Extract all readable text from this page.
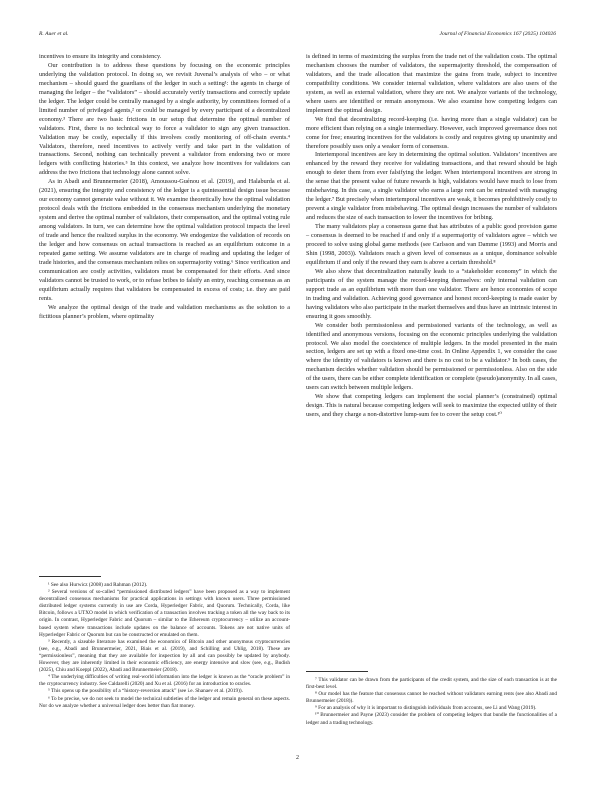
R. Auer et al.	Journal of Financial Economics 167 (2025) 104026

incentives to ensure its integrity and consistency.

Our contribution is to address these questions by focusing on the economic principles underlying the validation protocol. In doing so, we revisit Juvenal’s analysis of who – or what mechanism – should guard the guardians of the ledger in such a setting¹: the agents in charge of managing the ledger – the “validators” – should accurately verify transactions and correctly update the ledger. The ledger could be centrally managed by a single authority, by committees formed of a limited number of privileged agents,² or could be managed by every participant of a decentralized economy.³ There are two basic frictions in our setup that determine the optimal number of validators. First, there is no technical way to force a validator to sign any given transaction. Validation may be costly, especially if this involves costly monitoring of off-chain events.⁴ Validators, therefore, need incentives to actively verify and take part in the validation of transactions. Second, nothing can technically prevent a validator from endorsing two or more ledgers with conflicting histories.⁵ In this context, we analyze how incentives for validators can address the two frictions that technology alone cannot solve.

As in Abadi and Brunnermeier (2018), Amoussou-Guénou et al. (2019), and Halaburda et al. (2021), ensuring the integrity and consistency of the ledger is a quintessential design issue because our economy cannot generate value without it. We examine theoretically how the optimal validation protocol deals with the frictions embedded in the consensus mechanism underlying the monetary system and derive the optimal number of validators, their compensation, and the optimal voting rule among validators. In turn, we can determine how the optimal validation protocol impacts the level of trade and hence the realized surplus in the economy. We endogenize the validation of records on the ledger and how consensus on actual transactions is reached as an equilibrium outcome in a repeated game setting. We assume validators are in charge of reading and updating the ledger of trade histories, and the consensus mechanism relies on supermajority voting.⁶ Since verification and communication are costly activities, validators must be compensated for their efforts. And since validators cannot be trusted to work, or to refuse bribes to falsify an entry, reaching consensus as an equilibrium actually requires that validators be compensated in excess of costs; i.e. they are paid rents.

We analyze the optimal design of the trade and validation mechanisms as the solution to a fictitious planner’s problem, where optimality

¹ See also Hurwicz (2008) and Rahman (2012).

² Several versions of so-called “permissioned distributed ledgers” have been proposed as a way to implement decentralized consensus mechanisms for practical applications in settings with known users. Three permissioned distributed ledger systems currently in use are Corda, Hyperledger Fabric, and Quorum. Technically, Corda, like Bitcoin, follows a UTXO model in which verification of a transaction involves tracking a token all the way back to its origin. In contrast, Hyperledger Fabric and Quorum – similar to the Ethereum cryptocurrency – utilize an account-based system where transactions include updates on the balance of accounts. Tokens are not native units of Hyperledger Fabric or Quorum but can be constructed or emulated on them.

³ Recently, a sizeable literature has examined the economics of Bitcoin and other anonymous cryptocurrencies (see, e.g., Abadi and Brunnermeier, 2021, Biais et al. (2019), and Schilling and Uhlig, 2018). These are “permissionless”, meaning that they are available for inspection by all and can possibly be updated by anybody. However, they are inherently limited in their economic efficiency, are energy intensive and slow (see, e.g., Budish (2025), Chiu and Koeppl (2022), Abadi and Brunnermeier (2018).

⁴ The underlying difficulties of writing real-world information into the ledger is known as the “oracle problem” in the cryptocurrency industry. See Caldarelli (2020) and Xu et al. (2016) for an introduction to oracles.

⁵ This opens up the possibility of a “history-reversion attack” (see i.e. Shanaev et al. (2019)).

⁶ To be precise, we do not seek to model the technical subtleties of the ledger and remain general on these aspects. Nor do we analyze whether a universal ledger does better than fiat money.

is defined in terms of maximizing the surplus from the trade net of the validation costs. The optimal mechanism chooses the number of validators, the supermajority threshold, the compensation of validators, and the trade allocation that maximize the gains from trade, subject to incentive compatibility conditions. We consider internal validation, where validators are also users of the system, as well as external validation, where they are not. We analyze variants of the technology, where users are identified or remain anonymous. We also examine how competing ledgers can implement the optimal design.

We find that decentralizing record-keeping (i.e. having more than a single validator) can be more efficient than relying on a single intermediary. However, such improved governance does not come for free; ensuring incentives for the validators is costly and requires giving up unanimity and therefore possibly uses only a weaker form of consensus.

Intertemporal incentives are key in determining the optimal solution. Validators’ incentives are enhanced by the reward they receive for validating transactions, and that reward should be high enough to deter them from ever falsifying the ledger. When intertemporal incentives are strong in the sense that the present value of future rewards is high, validators would have much to lose from misbehaving. In this case, a single validator who earns a large rent can be entrusted with managing the ledger.⁷ But precisely when intertemporal incentives are weak, it becomes prohibitively costly to prevent a single validator from misbehaving. The optimal design increases the number of validators and reduces the size of each transaction to lower the incentives for bribing.

The many validators play a consensus game that has attributes of a public good provision game – consensus is deemed to be reached if and only if a supermajority of validators agree – which we proceed to solve using global game methods (see Carlsson and van Damme (1993) and Morris and Shin (1998, 2003)). Validators reach a given level of consensus as a unique, dominance solvable equilibrium if and only if the reward they earn is above a certain threshold.⁸

We also show that decentralization naturally leads to a “stakeholder economy” in which the participants of the system manage the record-keeping themselves: only internal validation can support trade as an equilibrium with more than one validator. There are hence economies of scope in trading and validation. Achieving good governance and honest record-keeping is made easier by having validators who also participate in the market themselves and thus have an intrinsic interest in ensuring it goes smoothly.

We consider both permissionless and permissioned variants of the technology, as well as identified and anonymous versions, focusing on the economic principles underlying the validation protocol. We also model the coexistence of multiple ledgers. In the model presented in the main section, ledgers are set up with a fixed one-time cost. In Online Appendix 1, we consider the case where the identity of validators is known and there is no cost to be a validator.⁹ In both cases, the mechanism decides whether validation should be permissioned or permissionless. Also on the side of the users, there can be either complete identification or complete (pseudo)anonymity. In all cases, users can switch between multiple ledgers.

We show that competing ledgers can implement the social planner’s (constrained) optimal design. This is natural because competing ledgers will seek to maximize the expected utility of their users, and they charge a non-distortive lump-sum fee to cover the setup cost.¹⁰

⁷ This validator can be drawn from the participants of the credit system, and the size of each transaction is at the first-best level.

⁸ Our model has the feature that consensus cannot be reached without validators earning rents (see also Abadi and Brunnermeier (2018)).

⁹ For an analysis of why it is important to distinguish individuals from accounts, see Li and Wang (2019).

¹⁰ Brunnermeier and Payne (2023) consider the problem of competing ledgers that bundle the functionalities of a ledger and a trading technology.

2
